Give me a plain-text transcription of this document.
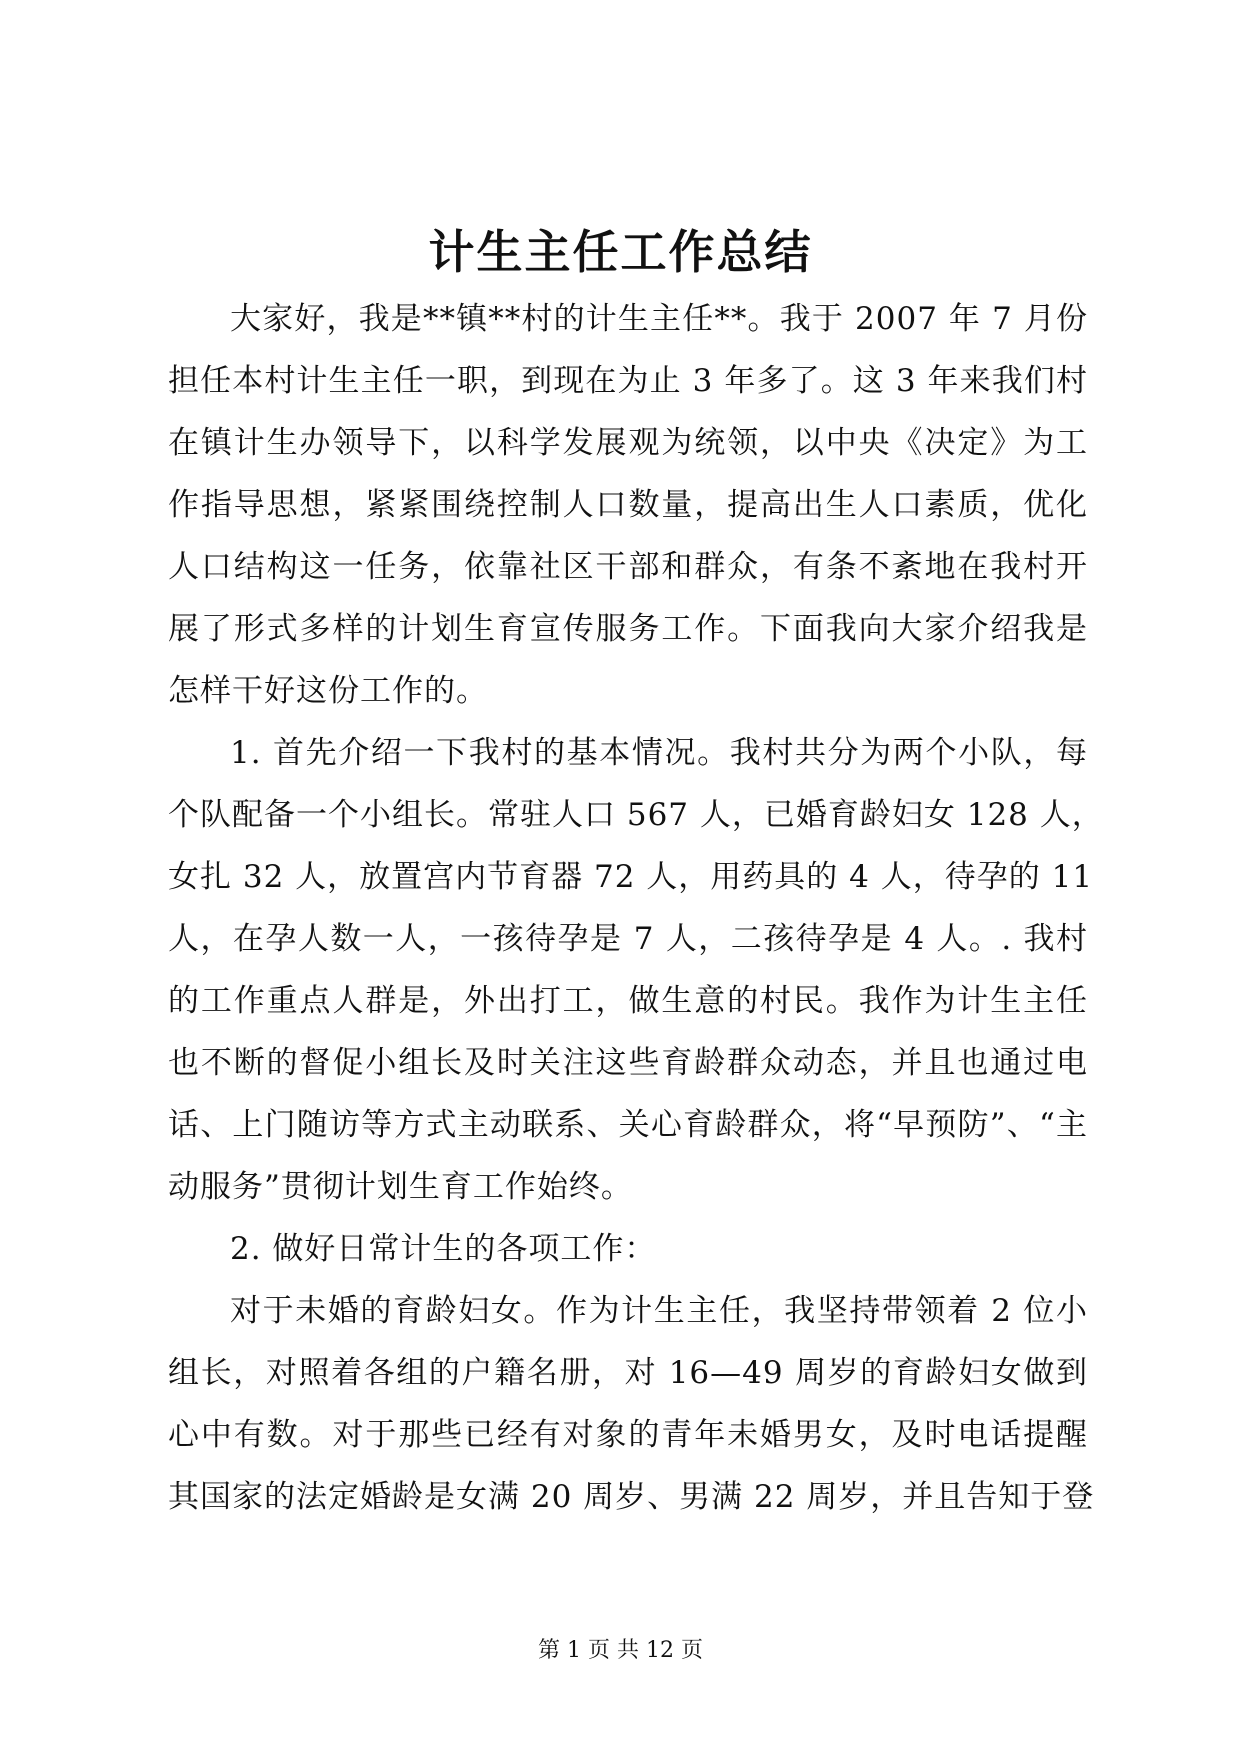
计生主任工作总结
大家好，我是**镇**村的计生主任**。我于 2007 年 7 月份
担任本村计生主任一职，到现在为止 3 年多了。这 3 年来我们村
在镇计生办领导下，以科学发展观为统领，以中央《决定》为工
作指导思想，紧紧围绕控制人口数量，提高出生人口素质，优化
人口结构这一任务，依靠社区干部和群众，有条不紊地在我村开
展了形式多样的计划生育宣传服务工作。下面我向大家介绍我是
怎样干好这份工作的。
1. 首先介绍一下我村的基本情况。我村共分为两个小队，每
个队配备一个小组长。常驻人口 567 人，已婚育龄妇女 128 人，
女扎 32 人，放置宫内节育器 72 人，用药具的 4 人，待孕的 11
人，在孕人数一人，一孩待孕是 7 人，二孩待孕是 4 人。. 我村
的工作重点人群是，外出打工，做生意的村民。我作为计生主任
也不断的督促小组长及时关注这些育龄群众动态，并且也通过电
话、上门随访等方式主动联系、关心育龄群众，将“早预防”、“主
动服务”贯彻计划生育工作始终。
2. 做好日常计生的各项工作：
对于未婚的育龄妇女。作为计生主任，我坚持带领着 2 位小
组长，对照着各组的户籍名册，对 16—49 周岁的育龄妇女做到
心中有数。对于那些已经有对象的青年未婚男女，及时电话提醒
其国家的法定婚龄是女满 20 周岁、男满 22 周岁，并且告知于登
第 1 页 共 12 页
